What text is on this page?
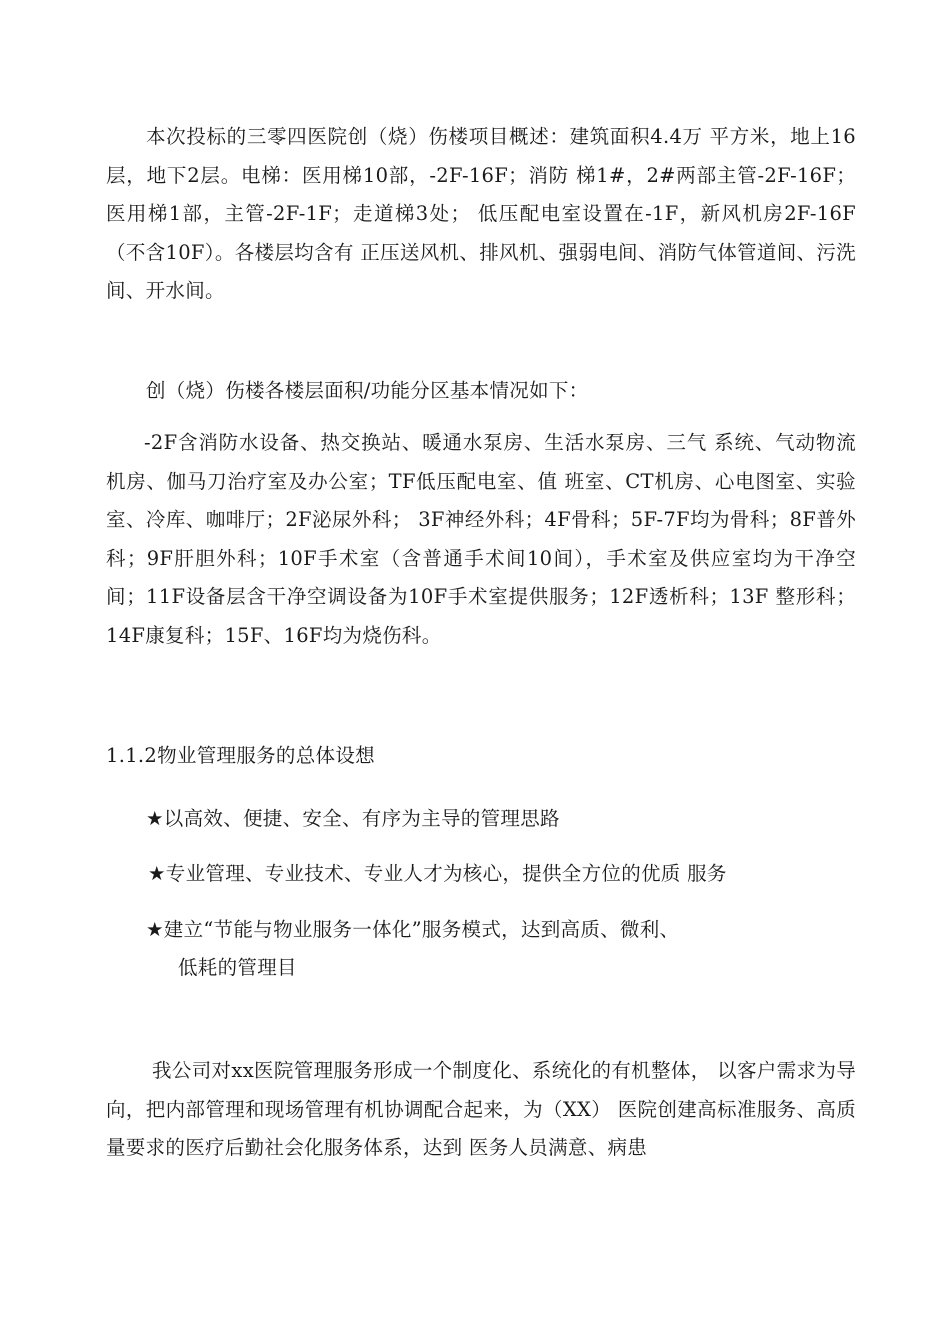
本次投标的三零四医院创（烧）伤楼项目概述：建筑面积4.4万 平方米，地上16层，地下2层。电梯：医用梯10部，-2F-16F；消防 梯1#，2#两部主管-2F-16F；医用梯1部，主管-2F-1F；走道梯3处； 低压配电室设置在-1F，新风机房2F-16F（不含10F）。各楼层均含有 正压送风机、排风机、强弱电间、消防气体管道间、污洗间、开水间。

创（烧）伤楼各楼层面积/功能分区基本情况如下：

-2F含消防水设备、热交换站、暖通水泵房、生活水泵房、三气 系统、气动物流机房、伽马刀治疗室及办公室；TF低压配电室、值 班室、CT机房、心电图室、实验室、冷库、咖啡厅；2F泌尿外科； 3F神经外科；4F骨科；5F-7F均为骨科；8F普外科；9F肝胆外科；10F手术室（含普通手术间10间），手术室及供应室均为干净空间；11F设备层含干净空调设备为10F手术室提供服务；12F透析科；13F 整形科；14F康复科；15F、16F均为烧伤科。

1.1.2物业管理服务的总体设想

★以高效、便捷、安全、有序为主导的管理思路

★专业管理、专业技术、专业人才为核心，提供全方位的优质 服务

★建立“节能与物业服务一体化”服务模式，达到高质、微利、

低耗的管理目

我公司对xx医院管理服务形成一个制度化、系统化的有机整体， 以客户需求为导向，把内部管理和现场管理有机协调配合起来，为（XX） 医院创建高标准服务、高质量要求的医疗后勤社会化服务体系，达到 医务人员满意、病患
